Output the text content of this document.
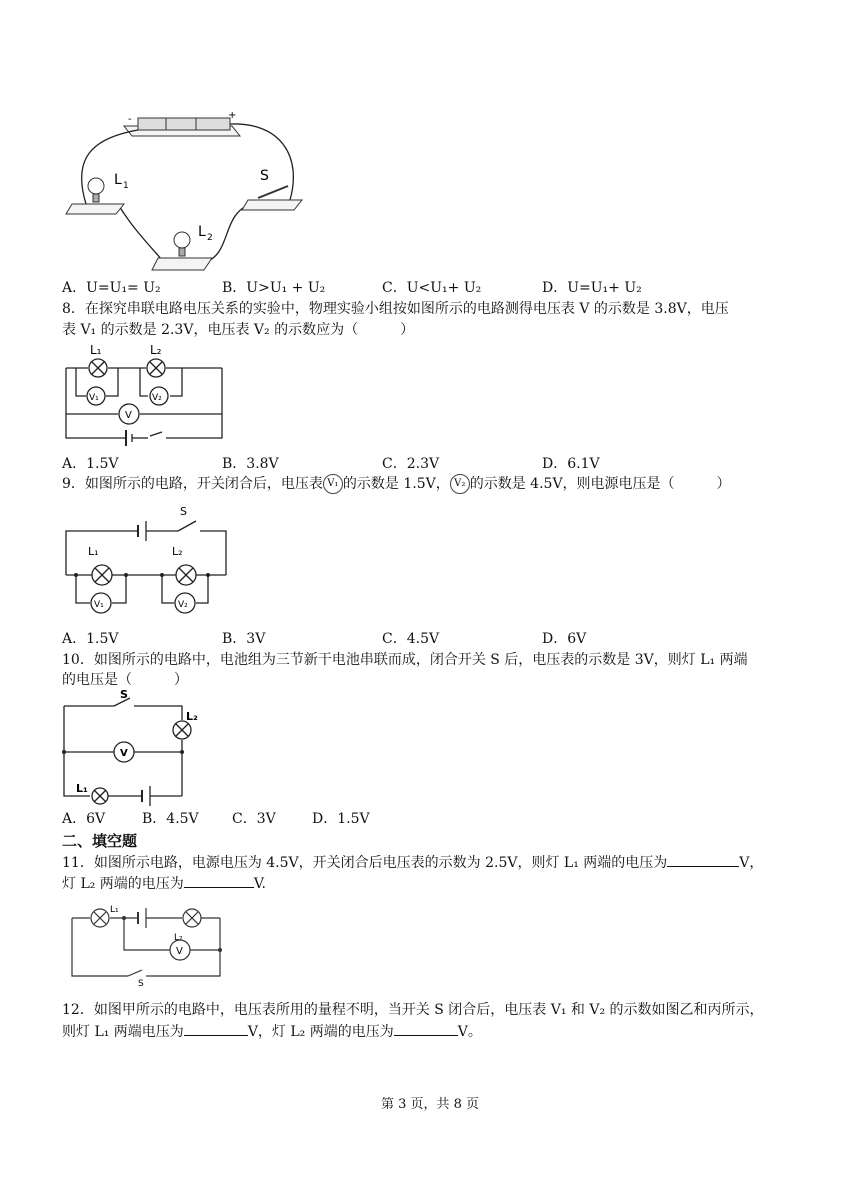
-	+
L 1
L 2
S
A．U=U₁= U₂	B．U>U₁ + U₂	C．U<U₁+ U₂	D．U=U₁+ U₂
8．在探究串联电路电压关系的实验中，物理实验小组按如图所示的电路测得电压表 V 的示数是 3.8V，电压
表 V₁ 的示数是 2.3V，电压表 V₂ 的示数应为（　　　）
L₁	L₂
V₁	V₂
V
A．1.5V	B．3.8V	C．2.3V	D．6.1V
9．如图所示的电路，开关闭合后，电压表 V₁ 的示数是 1.5V， V₂ 的示数是 4.5V，则电源电压是（　　　）
S
L₁	L₂
V₁	V₂
A．1.5V	B．3V	C．4.5V	D．6V
10．如图所示的电路中，电池组为三节新干电池串联而成，闭合开关 S 后，电压表的示数是 3V，则灯 L₁ 两端
的电压是（　　　）
S
L₂
V
L₁
A．6V	B．4.5V C．3V	D．1.5V
二、填空题
11．如图所示电路，电源电压为 4.5V，开关闭合后电压表的示数为 2.5V，则灯 L₁ 两端的电压为	V，
灯 L₂ 两端的电压为	V.
L₁
L₂
V
S
12．如图甲所示的电路中，电压表所用的量程不明，当开关 S 闭合后，电压表 V₁ 和 V₂ 的示数如图乙和丙所示，
则灯 L₁ 两端电压为	V，灯 L₂ 两端的电压为	V。
第 3 页，共 8 页
